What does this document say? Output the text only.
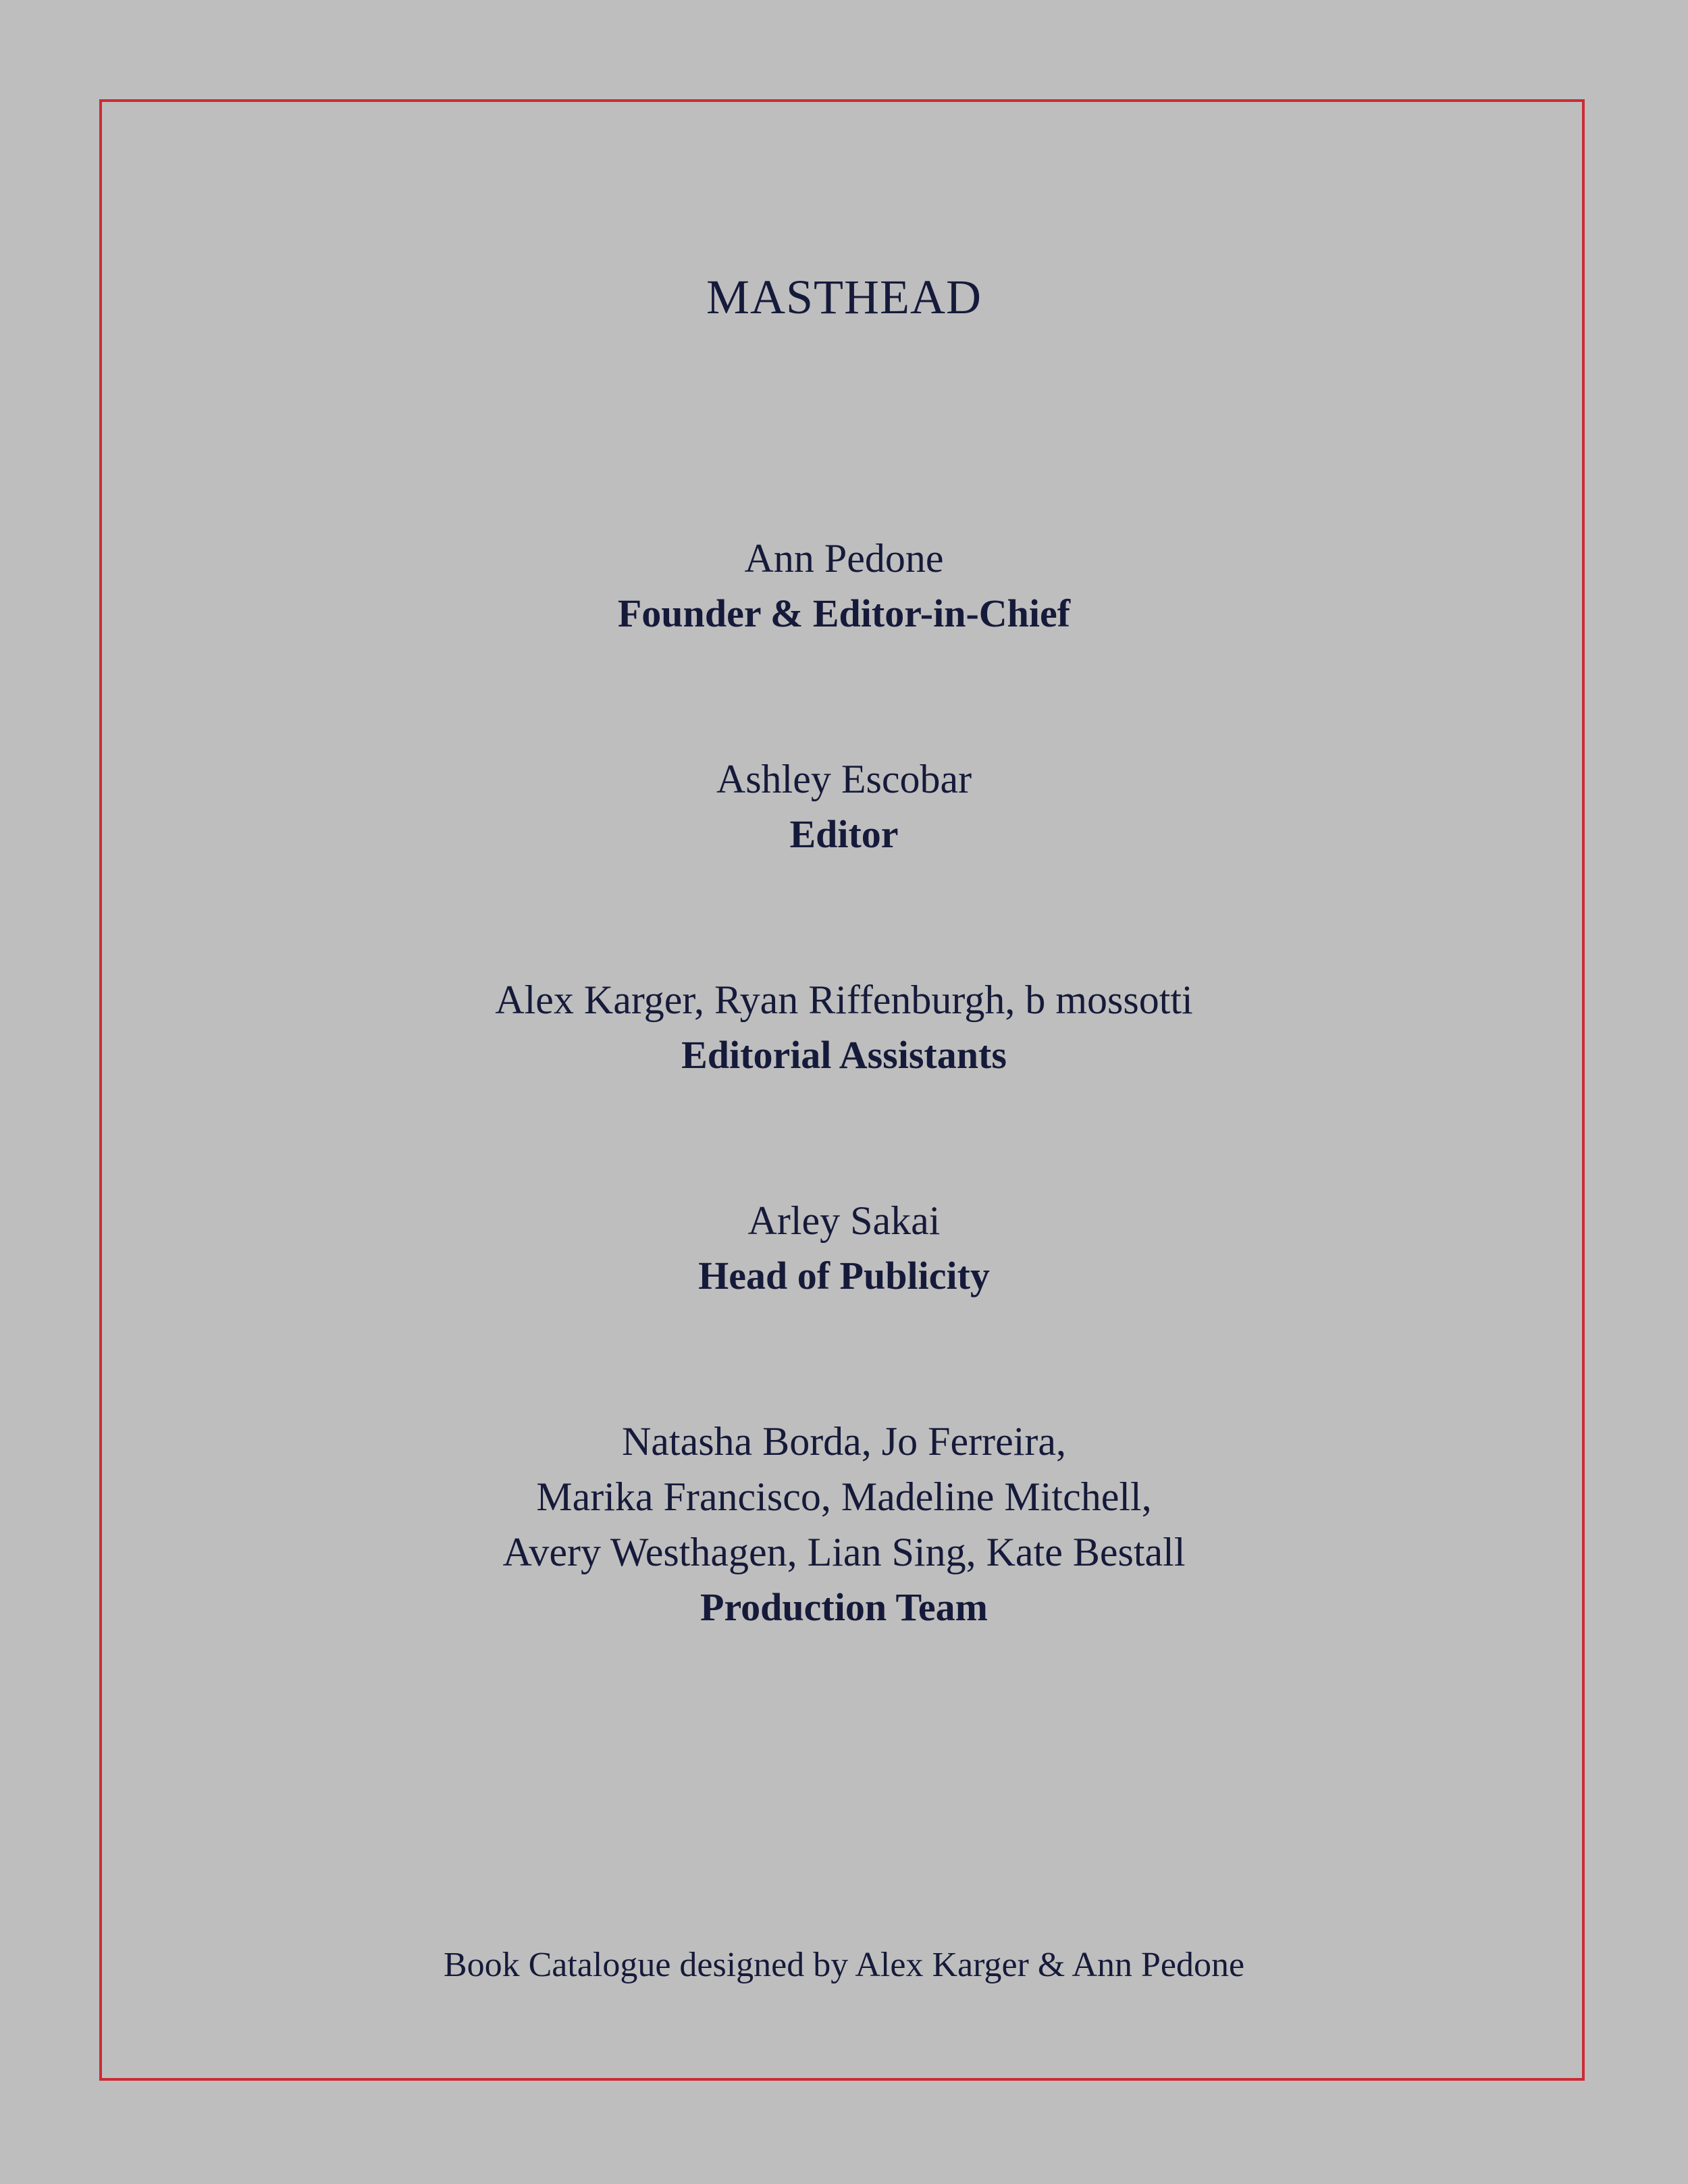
MASTHEAD
Ann Pedone
Founder & Editor-in-Chief
Ashley Escobar
Editor
Alex Karger, Ryan Riffenburgh, b mossotti
Editorial Assistants
Arley Sakai
Head of Publicity
Natasha Borda, Jo Ferreira,
Marika Francisco, Madeline Mitchell,
Avery Westhagen, Lian Sing, Kate Bestall
Production Team
Book Catalogue designed by Alex Karger & Ann Pedone
